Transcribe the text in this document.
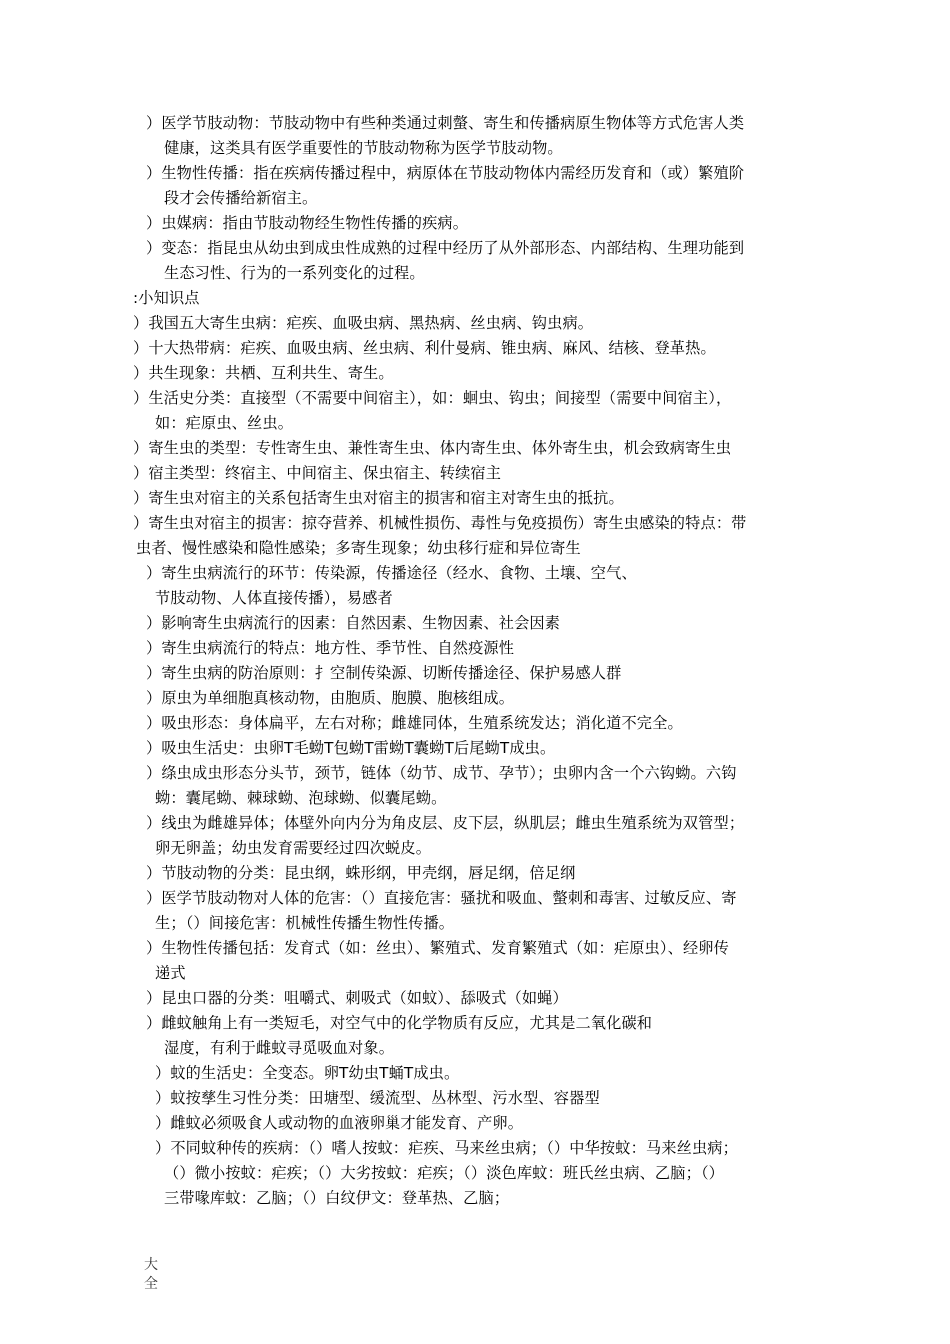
）医学节肢动物：节肢动物中有些种类通过刺螫、寄生和传播病原生物体等方式危害人类
健康，这类具有医学重要性的节肢动物称为医学节肢动物。
）生物性传播：指在疾病传播过程中，病原体在节肢动物体内需经历发育和（或）繁殖阶
段才会传播给新宿主。
）虫媒病：指由节肢动物经生物性传播的疾病。
）变态：指昆虫从幼虫到成虫性成熟的过程中经历了从外部形态、内部结构、生理功能到
生态习性、行为的一系列变化的过程。
:小知识点
）我国五大寄生虫病：疟疾、血吸虫病、黑热病、丝虫病、钩虫病。
）十大热带病：疟疾、血吸虫病、丝虫病、利什曼病、锥虫病、麻风、结核、登革热。
）共生现象：共栖、互利共生、寄生。
）生活史分类：直接型（不需要中间宿主），如：蛔虫、钩虫；间接型（需要中间宿主），
如：疟原虫、丝虫。
）寄生虫的类型：专性寄生虫、兼性寄生虫、体内寄生虫、体外寄生虫，机会致病寄生虫
）宿主类型：终宿主、中间宿主、保虫宿主、转续宿主
）寄生虫对宿主的关系包括寄生虫对宿主的损害和宿主对寄生虫的抵抗。
）寄生虫对宿主的损害：掠夺营养、机械性损伤、毒性与免疫损伤）寄生虫感染的特点：带
虫者、慢性感染和隐性感染；多寄生现象；幼虫移行症和异位寄生
）寄生虫病流行的环节：传染源，传播途径（经水、食物、土壤、空气、
节肢动物、人体直接传播），易感者
）影响寄生虫病流行的因素：自然因素、生物因素、社会因素
）寄生虫病流行的特点：地方性、季节性、自然疫源性
）寄生虫病的防治原则：扌空制传染源、切断传播途径、保护易感人群
）原虫为单细胞真核动物，由胞质、胞膜、胞核组成。
）吸虫形态：身体扁平，左右对称；雌雄同体，生殖系统发达；消化道不完全。
）吸虫生活史：虫卵T毛蚴T包蚴T雷蚴T囊蚴T后尾蚴T成虫。
）绦虫成虫形态分头节，颈节，链体（幼节、成节、孕节）；虫卵内含一个六钩蚴。六钩
蚴：囊尾蚴、棘球蚴、泡球蚴、似囊尾蚴。
）线虫为雌雄异体；体壁外向内分为角皮层、皮下层，纵肌层；雌虫生殖系统为双管型；
卵无卵盖；幼虫发育需要经过四次蜕皮。
）节肢动物的分类：昆虫纲，蛛形纲，甲壳纲，唇足纲，倍足纲
）医学节肢动物对人体的危害：（）直接危害：骚扰和吸血、螫刺和毒害、过敏反应、寄
生；（）间接危害：机械性传播生物性传播。
）生物性传播包括：发育式（如：丝虫）、繁殖式、发育繁殖式（如：疟原虫）、经卵传
递式
）昆虫口器的分类：咀嚼式、刺吸式（如蚊）、舔吸式（如蝇）
）雌蚊触角上有一类短毛，对空气中的化学物质有反应，尤其是二氧化碳和
湿度，有利于雌蚊寻觅吸血对象。
）蚊的生活史：全变态。卵T幼虫T蛹T成虫。
）蚊按孳生习性分类：田塘型、缓流型、丛林型、污水型、容器型
）雌蚊必须吸食人或动物的血液卵巢才能发育、产卵。
）不同蚊种传的疾病：（）嗜人按蚊：疟疾、马来丝虫病；（）中华按蚊：马来丝虫病；
（）微小按蚊：疟疾；（）大劣按蚊：疟疾；（）淡色库蚊：班氏丝虫病、乙脑；（）
三带喙库蚊：乙脑；（）白纹伊文：登革热、乙脑；
大
全
